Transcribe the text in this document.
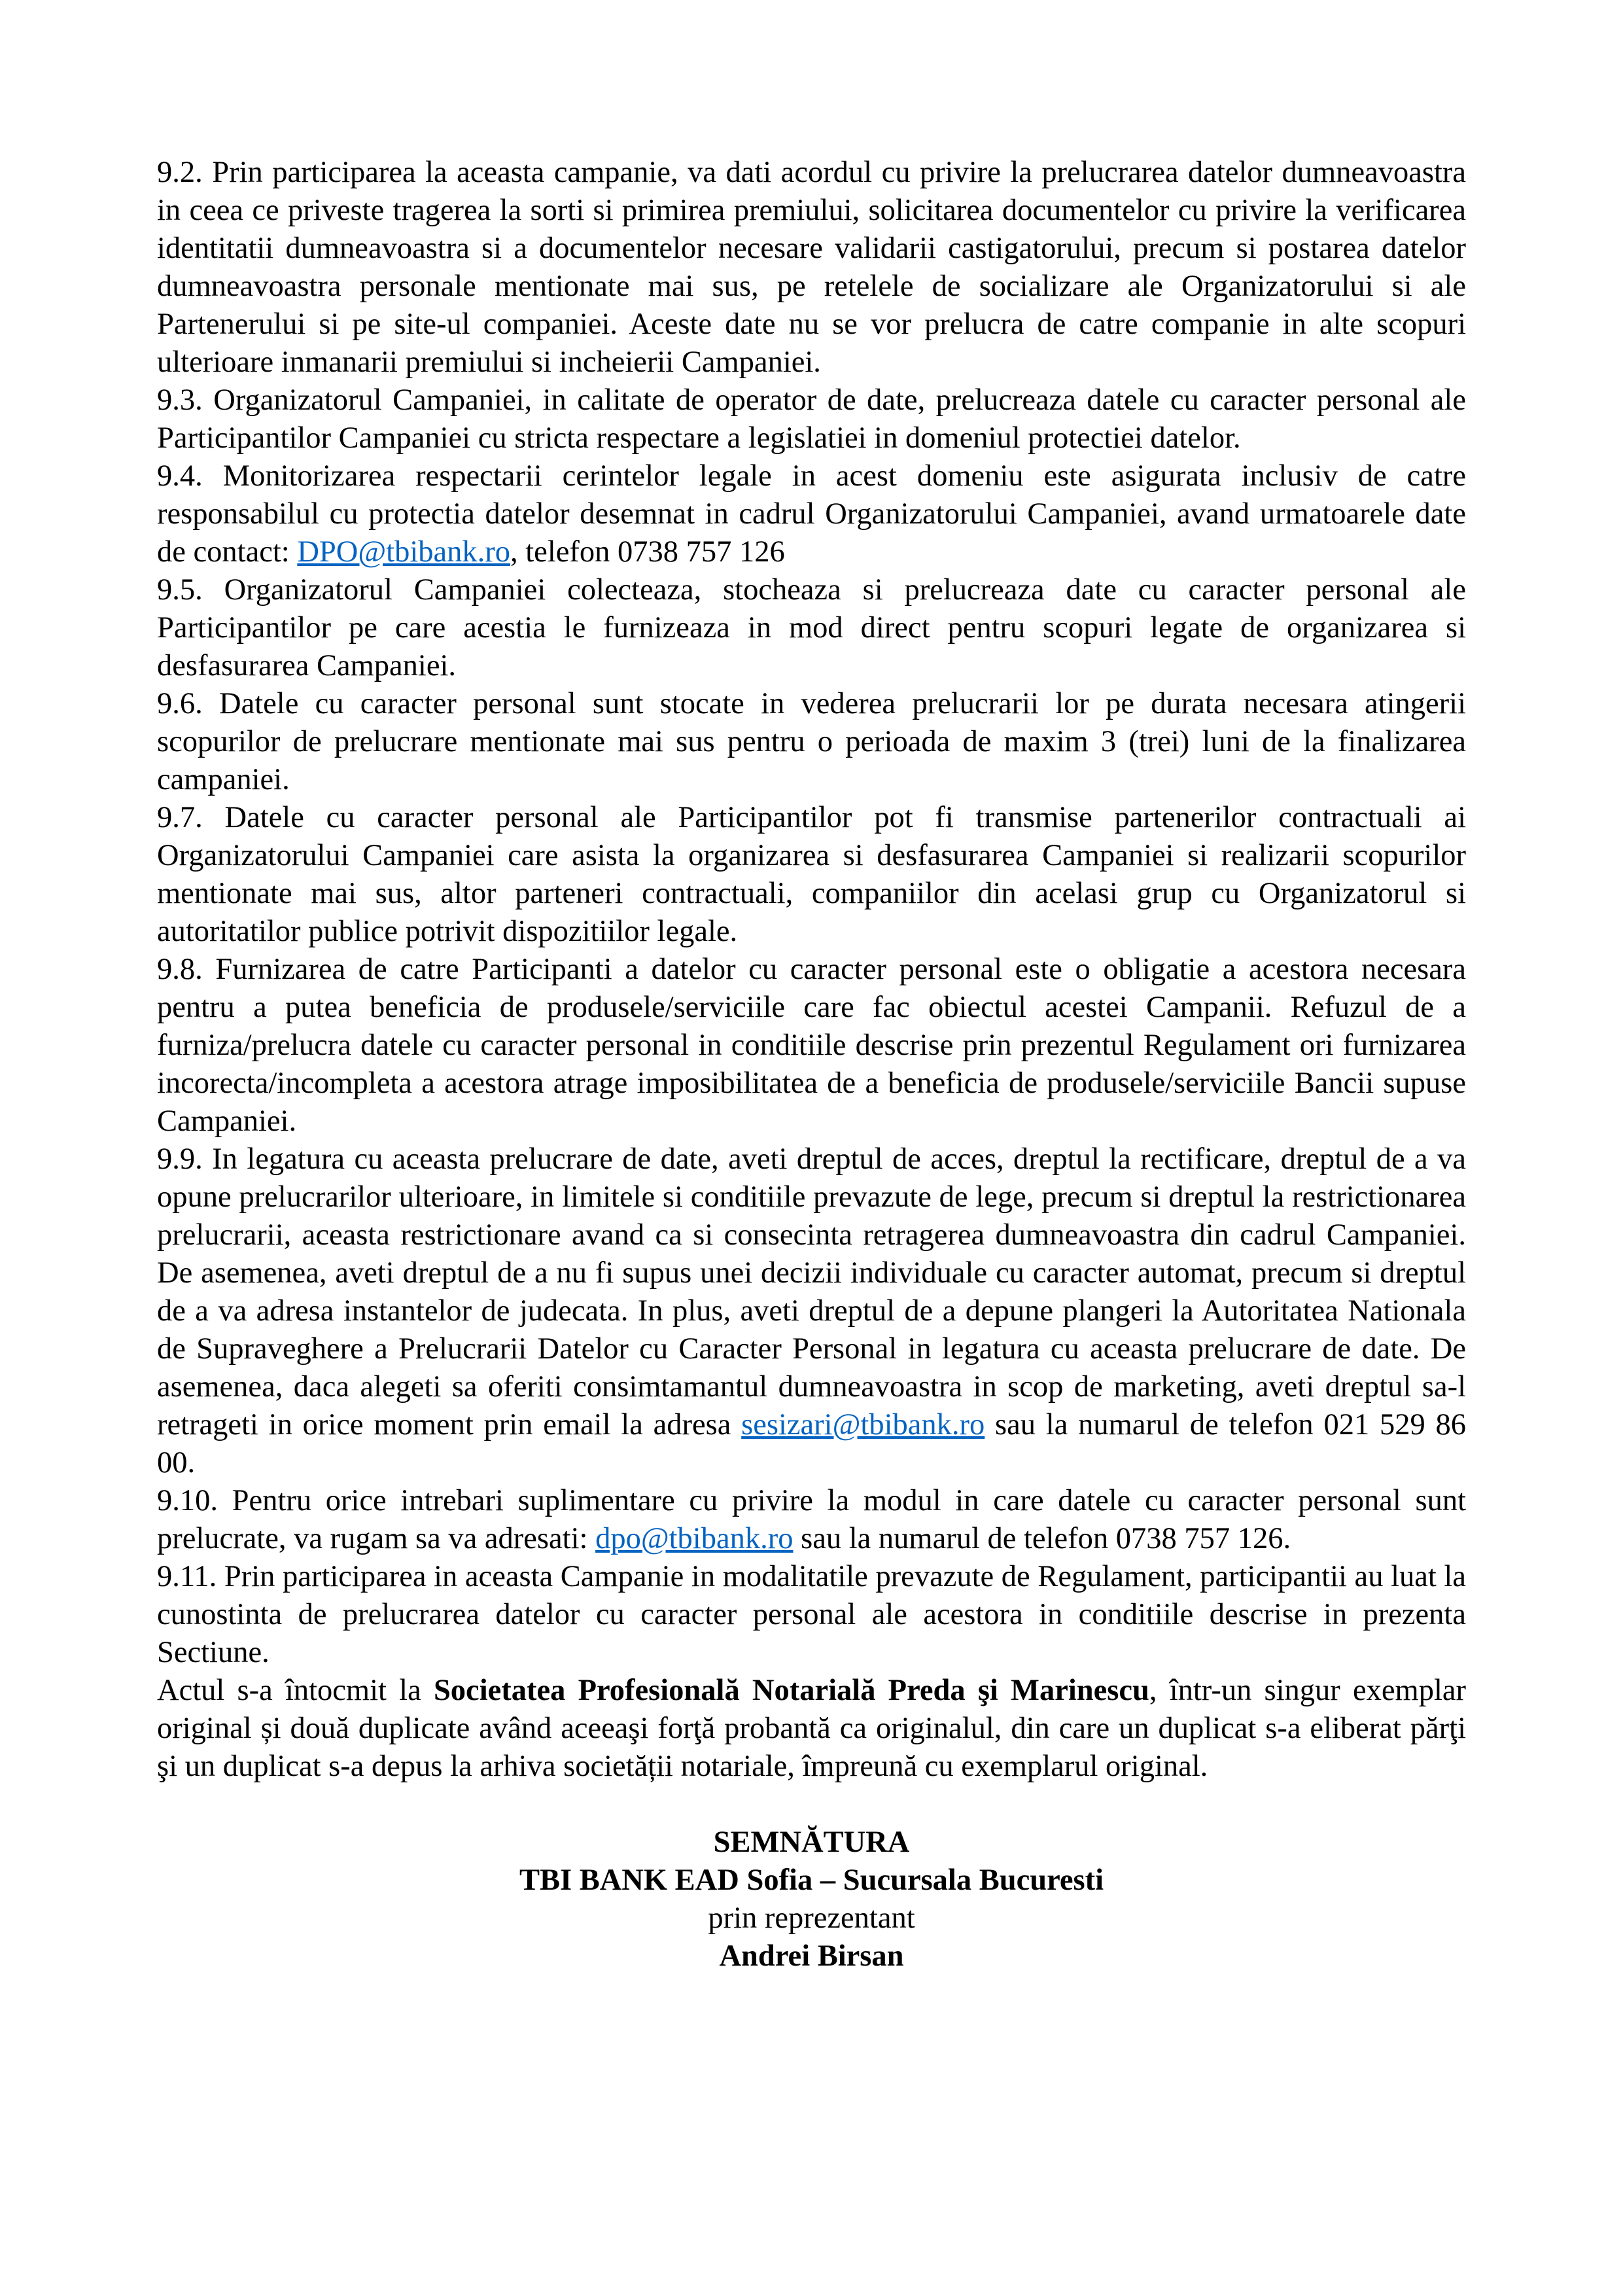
9.2. Prin participarea la aceasta campanie, va dati acordul cu privire la prelucrarea datelor dumneavoastra in ceea ce priveste tragerea la sorti si primirea premiului, solicitarea documentelor cu privire la verificarea identitatii dumneavoastra si a documentelor necesare validarii castigatorului, precum si postarea datelor dumneavoastra personale mentionate mai sus, pe retelele de socializare ale Organizatorului si ale Partenerului si pe site-ul companiei. Aceste date nu se vor prelucra de catre companie in alte scopuri ulterioare inmanarii premiului si incheierii Campaniei.

9.3. Organizatorul Campaniei, in calitate de operator de date, prelucreaza datele cu caracter personal ale Participantilor Campaniei cu stricta respectare a legislatiei in domeniul protectiei datelor.

9.4. Monitorizarea respectarii cerintelor legale in acest domeniu este asigurata inclusiv de catre responsabilul cu protectia datelor desemnat in cadrul Organizatorului Campaniei, avand urmatoarele date de contact: DPO@tbibank.ro, telefon 0738 757 126

9.5. Organizatorul Campaniei colecteaza, stocheaza si prelucreaza date cu caracter personal ale Participantilor pe care acestia le furnizeaza in mod direct pentru scopuri legate de organizarea si desfasurarea Campaniei.

9.6. Datele cu caracter personal sunt stocate in vederea prelucrarii lor pe durata necesara atingerii scopurilor de prelucrare mentionate mai sus pentru o perioada de maxim 3 (trei) luni de la finalizarea campaniei.

9.7. Datele cu caracter personal ale Participantilor pot fi transmise partenerilor contractuali ai Organizatorului Campaniei care asista la organizarea si desfasurarea Campaniei si realizarii scopurilor mentionate mai sus, altor parteneri contractuali, companiilor din acelasi grup cu Organizatorul si autoritatilor publice potrivit dispozitiilor legale.

9.8. Furnizarea de catre Participanti a datelor cu caracter personal este o obligatie a acestora necesara pentru a putea beneficia de produsele/serviciile care fac obiectul acestei Campanii. Refuzul de a furniza/prelucra datele cu caracter personal in conditiile descrise prin prezentul Regulament ori furnizarea incorecta/incompleta a acestora atrage imposibilitatea de a beneficia de produsele/serviciile Bancii supuse Campaniei.

9.9. In legatura cu aceasta prelucrare de date, aveti dreptul de acces, dreptul la rectificare, dreptul de a va opune prelucrarilor ulterioare, in limitele si conditiile prevazute de lege, precum si dreptul la restrictionarea prelucrarii, aceasta restrictionare avand ca si consecinta retragerea dumneavoastra din cadrul Campaniei. De asemenea, aveti dreptul de a nu fi supus unei decizii individuale cu caracter automat, precum si dreptul de a va adresa instantelor de judecata. In plus, aveti dreptul de a depune plangeri la Autoritatea Nationala de Supraveghere a Prelucrarii Datelor cu Caracter Personal in legatura cu aceasta prelucrare de date. De asemenea, daca alegeti sa oferiti consimtamantul dumneavoastra in scop de marketing, aveti dreptul sa-l retrageti in orice moment prin email la adresa sesizari@tbibank.ro sau la numarul de telefon 021 529 86 00.

9.10. Pentru orice intrebari suplimentare cu privire la modul in care datele cu caracter personal sunt prelucrate, va rugam sa va adresati: dpo@tbibank.ro sau la numarul de telefon 0738 757 126.

9.11. Prin participarea in aceasta Campanie in modalitatile prevazute de Regulament, participantii au luat la cunostinta de prelucrarea datelor cu caracter personal ale acestora in conditiile descrise in prezenta Sectiune.

Actul s-a întocmit la Societatea Profesională Notarială Preda şi Marinescu, într-un singur exemplar original și două duplicate având aceeaşi forţă probantă ca originalul, din care un duplicat s-a eliberat părţi şi un duplicat s-a depus la arhiva societății notariale, împreună cu exemplarul original.

SEMNĂTURA
TBI BANK EAD Sofia – Sucursala Bucuresti
prin reprezentant
Andrei Birsan
